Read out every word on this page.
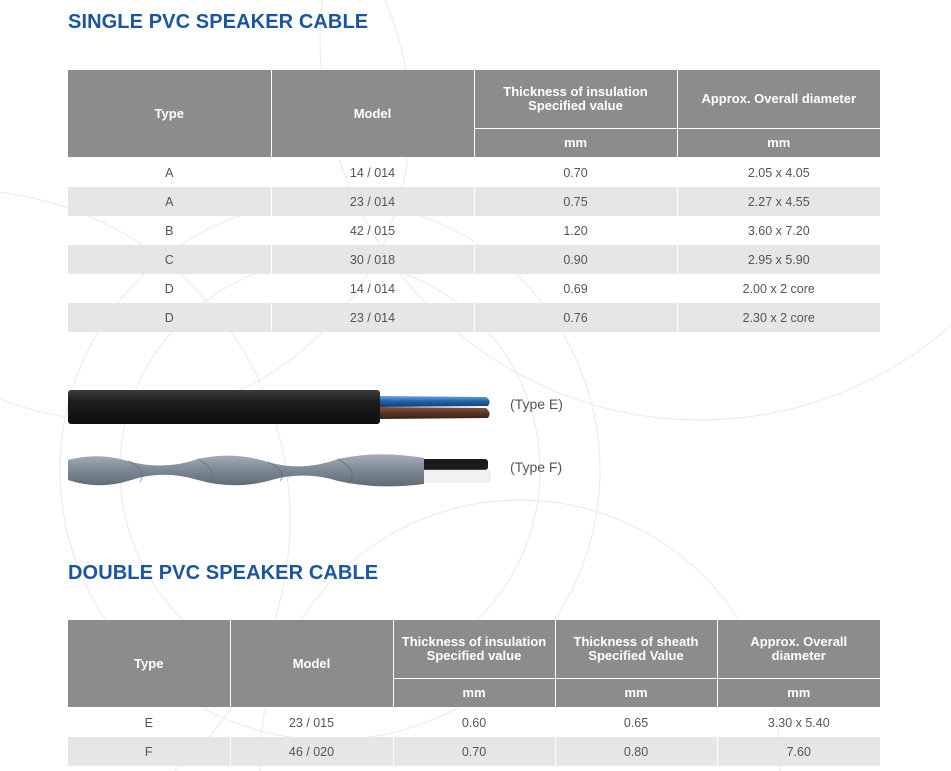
SINGLE PVC SPEAKER CABLE
Type	Model	Thickness of insulation Specified value	Approx. Overall diameter
		mm	mm
A	14 / 014	0.70	2.05 x 4.05
A	23 / 014	0.75	2.27 x 4.55
B	42 / 015	1.20	3.60 x 7.20
C	30 / 018	0.90	2.95 x 5.90
D	14 / 014	0.69	2.00 x 2 core
D	23 / 014	0.76	2.30 x 2 core
(Type E)
(Type F)
DOUBLE PVC SPEAKER CABLE
Type	Model	Thickness of insulation Specified value	Thickness of sheath Specified Value	Approx. Overall diameter
		mm	mm	mm
E	23 / 015	0.60	0.65	3.30 x 5.40
F	46 / 020	0.70	0.80	7.60
